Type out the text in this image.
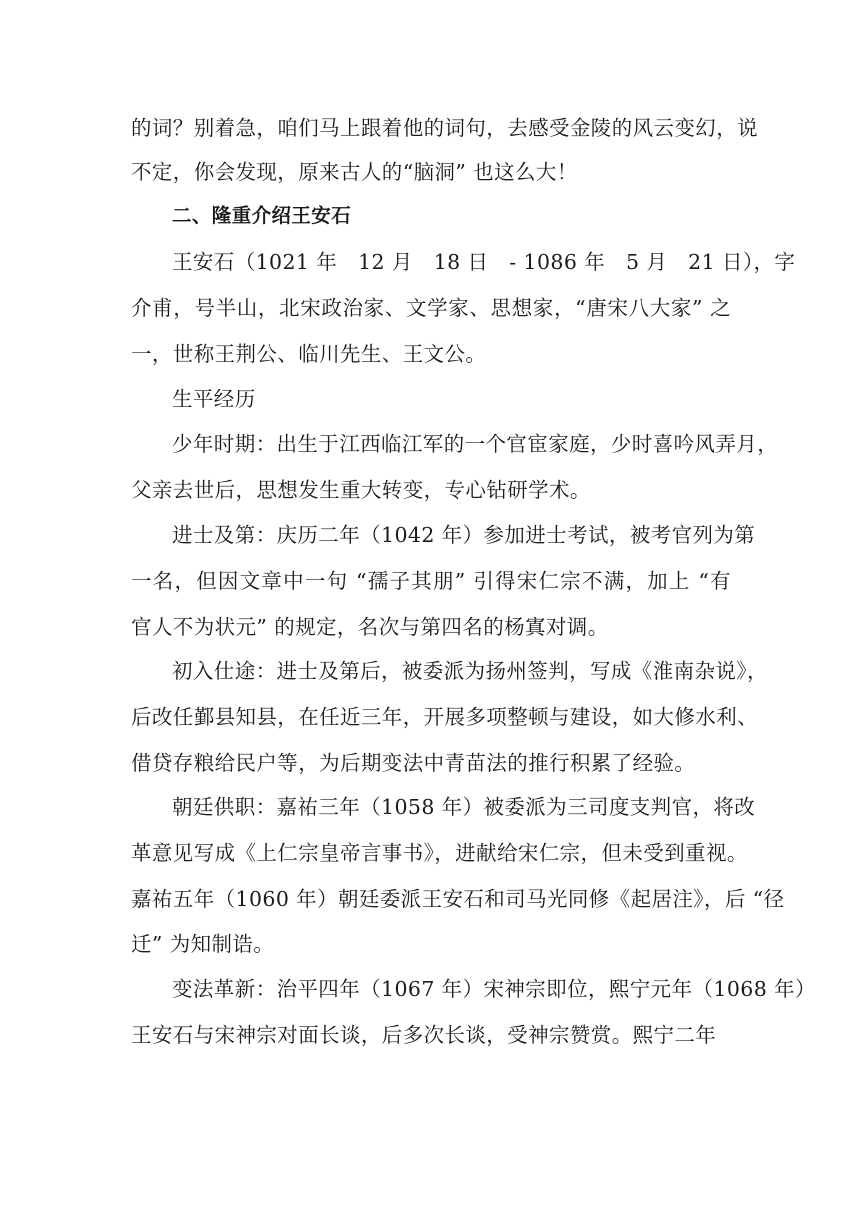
的词？别着急，咱们马上跟着他的词句，去感受金陵的风云变幻，说
不定，你会发现，原来古人的“脑洞” 也这么大！
二、隆重介绍王安石
王安石（1021 年　12 月　18 日　- 1086 年　5 月　21 日），字
介甫，号半山，北宋政治家、文学家、思想家，“唐宋八大家” 之
一，世称王荆公、临川先生、王文公。
生平经历
少年时期：出生于江西临江军的一个官宦家庭，少时喜吟风弄月，
父亲去世后，思想发生重大转变，专心钻研学术。
进士及第：庆历二年（1042 年）参加进士考试，被考官列为第
一名，但因文章中一句 “孺子其朋” 引得宋仁宗不满，加上 “有
官人不为状元” 的规定，名次与第四名的杨寘对调。
初入仕途：进士及第后，被委派为扬州签判，写成《淮南杂说》，
后改任鄞县知县，在任近三年，开展多项整顿与建设，如大修水利、
借贷存粮给民户等，为后期变法中青苗法的推行积累了经验。
朝廷供职：嘉祐三年（1058 年）被委派为三司度支判官，将改
革意见写成《上仁宗皇帝言事书》，进献给宋仁宗，但未受到重视。
嘉祐五年（1060 年）朝廷委派王安石和司马光同修《起居注》，后 “径
迁” 为知制诰。
变法革新：治平四年（1067 年）宋神宗即位，熙宁元年（1068 年）
王安石与宋神宗对面长谈，后多次长谈，受神宗赞赏。熙宁二年
